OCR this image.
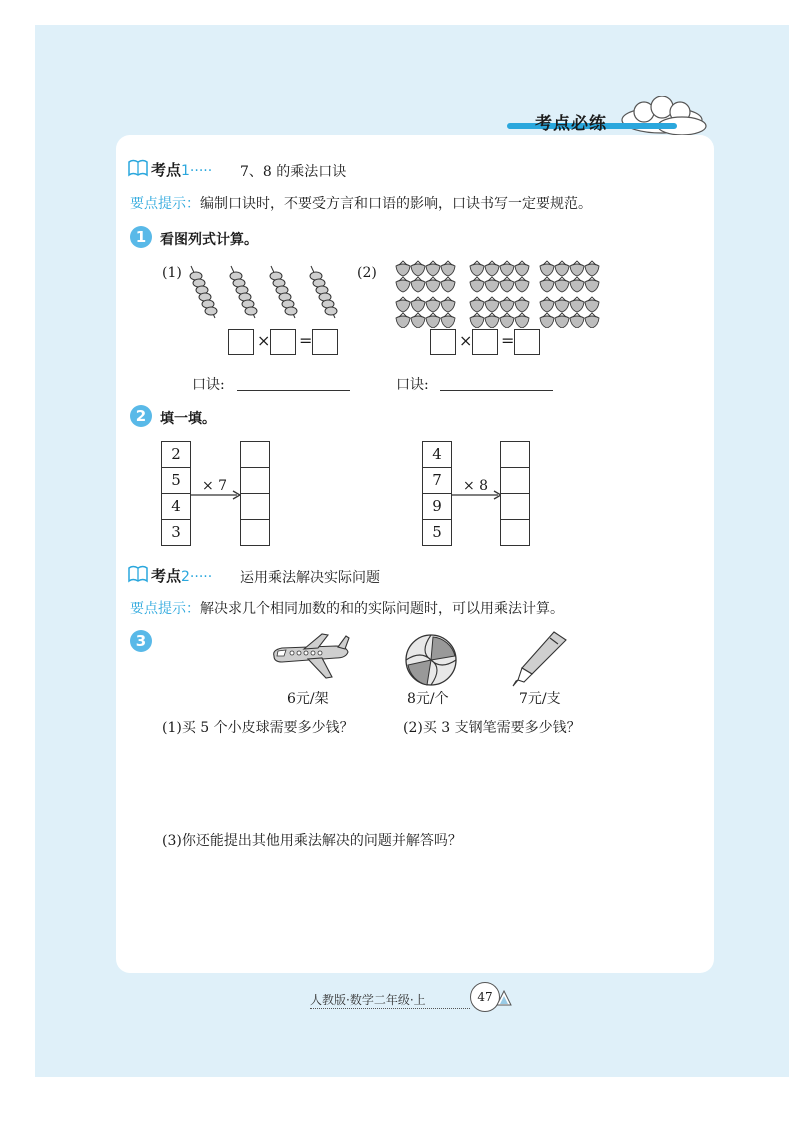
考点必练
考点1····· 7、8 的乘法口诀
要点提示：编制口诀时，不要受方言和口语的影响，口诀书写一定要规范。
1 看图列式计算。
(1)	(2)
× =	× =
口诀:	口诀:
2 填一填。
2
5
4
3
× 7
4
7
9
5
× 8
考点2····· 运用乘法解决实际问题
要点提示：解决求几个相同加数的和的实际问题时，可以用乘法计算。
3
6元/架	8元/个	7元/支
(1)买 5 个小皮球需要多少钱？	(2)买 3 支钢笔需要多少钱？
(3)你还能提出其他用乘法解决的问题并解答吗？
人教版·数学二年级·上	47
